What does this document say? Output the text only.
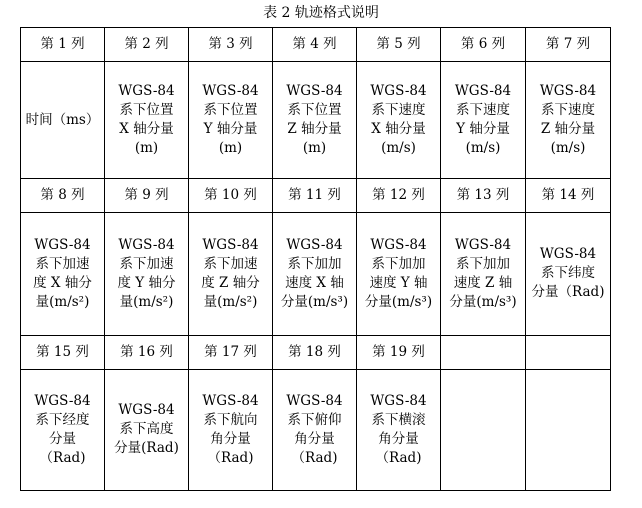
表 2 轨迹格式说明
第 1 列	第 2 列	第 3 列	第 4 列	第 5 列	第 6 列	第 7 列

时间（ms）	WGS-84
系下位置
X 轴分量
(m)	WGS-84
系下位置
Y 轴分量
(m)	WGS-84
系下位置
Z 轴分量
(m)	WGS-84
系下速度
X 轴分量
(m/s)	WGS-84
系下速度
Y 轴分量
(m/s)	WGS-84
系下速度
Z 轴分量
(m/s)

第 8 列	第 9 列	第 10 列	第 11 列	第 12 列	第 13 列	第 14 列

WGS-84
系下加速
度 X 轴分
量(m/s²)	WGS-84
系下加速
度 Y 轴分
量(m/s²)	WGS-84
系下加速
度 Z 轴分
量(m/s²)	WGS-84
系下加加
速度 X 轴
分量(m/s³)	WGS-84
系下加加
速度 Y 轴
分量(m/s³)	WGS-84
系下加加
速度 Z 轴
分量(m/s³)	WGS-84
系下纬度
分量（Rad)

第 15 列	第 16 列	第 17 列	第 18 列	第 19 列		

WGS-84
系下经度
分量
（Rad)	WGS-84
系下高度
分量(Rad)	WGS-84
系下航向
角分量
（Rad)	WGS-84
系下俯仰
角分量
（Rad)	WGS-84
系下横滚
角分量
（Rad)		
